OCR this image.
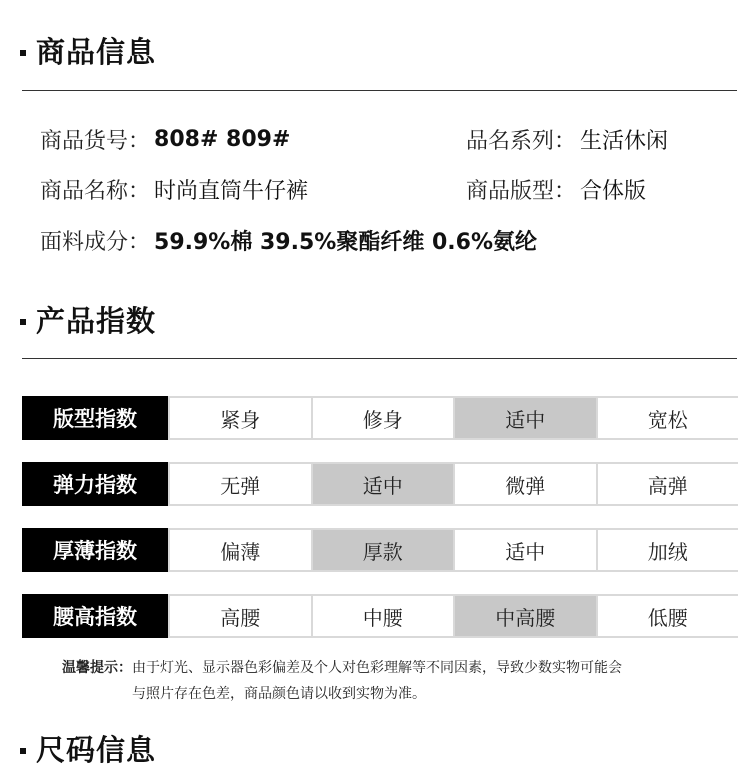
商品信息
商品货号： 808# 809#	品名系列： 生活休闲
商品名称： 时尚直筒牛仔裤	商品版型： 合体版
面料成分： 59.9%棉 39.5%聚酯纤维 0.6%氨纶
产品指数
版型指数	紧身	修身	适中	宽松
弹力指数	无弹	适中	微弹	高弹
厚薄指数	偏薄	厚款	适中	加绒
腰高指数	高腰	中腰	中高腰	低腰
温馨提示：由于灯光、显示器色彩偏差及个人对色彩理解等不同因素，导致少数实物可能会
与照片存在色差，商品颜色请以收到实物为准。
尺码信息
